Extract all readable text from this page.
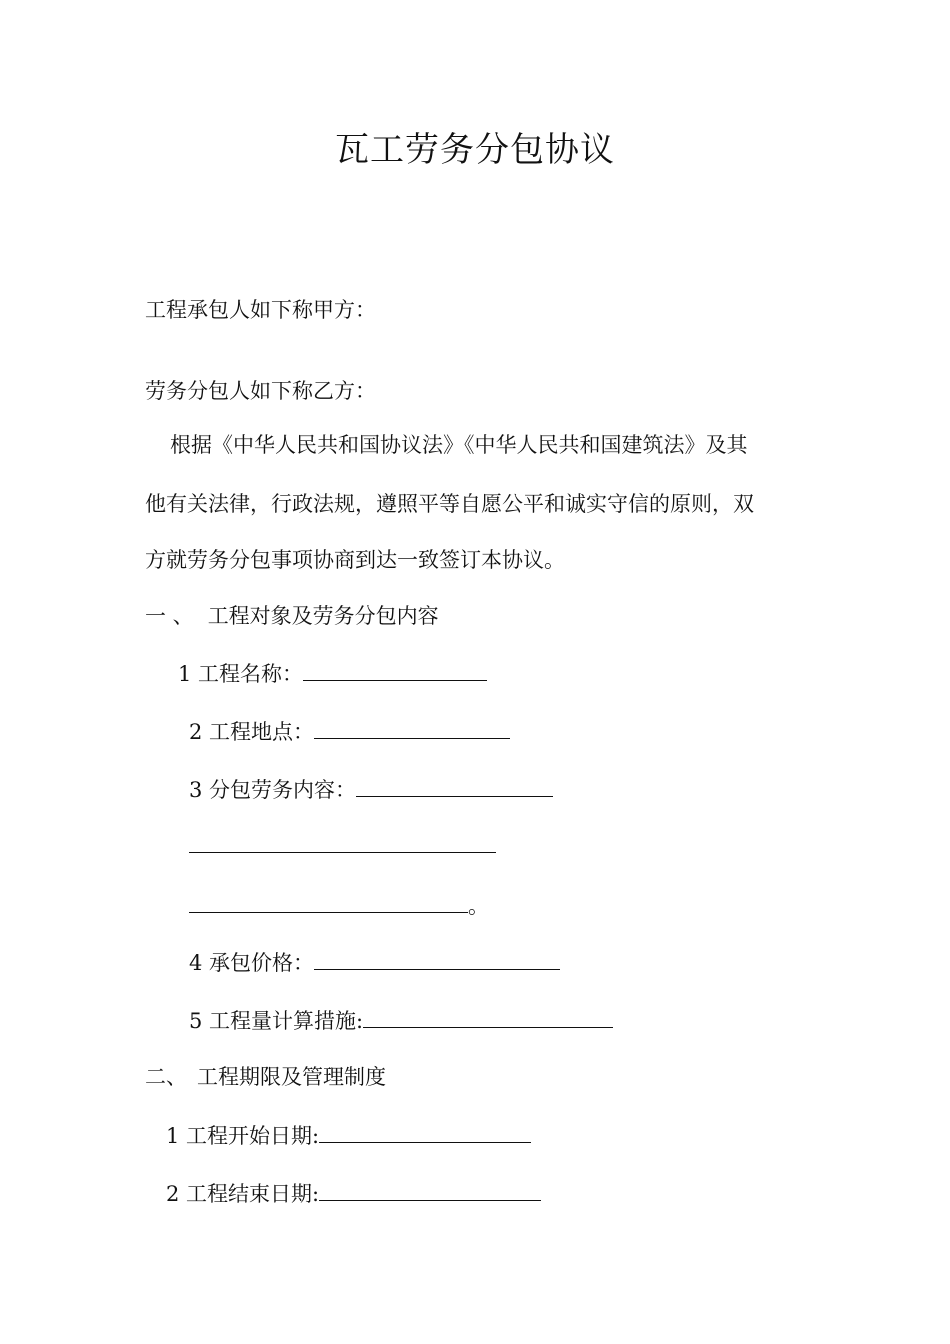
瓦工劳务分包协议
工程承包人如下称甲方：
劳务分包人如下称乙方：
根据《中华人民共和国协议法》《中华人民共和国建筑法》及其
他有关法律，行政法规，遵照平等自愿公平和诚实守信的原则，双
方就劳务分包事项协商到达一致签订本协议。
一 、 工程对象及劳务分包内容
1 工程名称：
2 工程地点：
3 分包劳务内容：
。
4 承包价格：
5 工程量计算措施:
二、 工程期限及管理制度
1 工程开始日期:
2 工程结束日期:
